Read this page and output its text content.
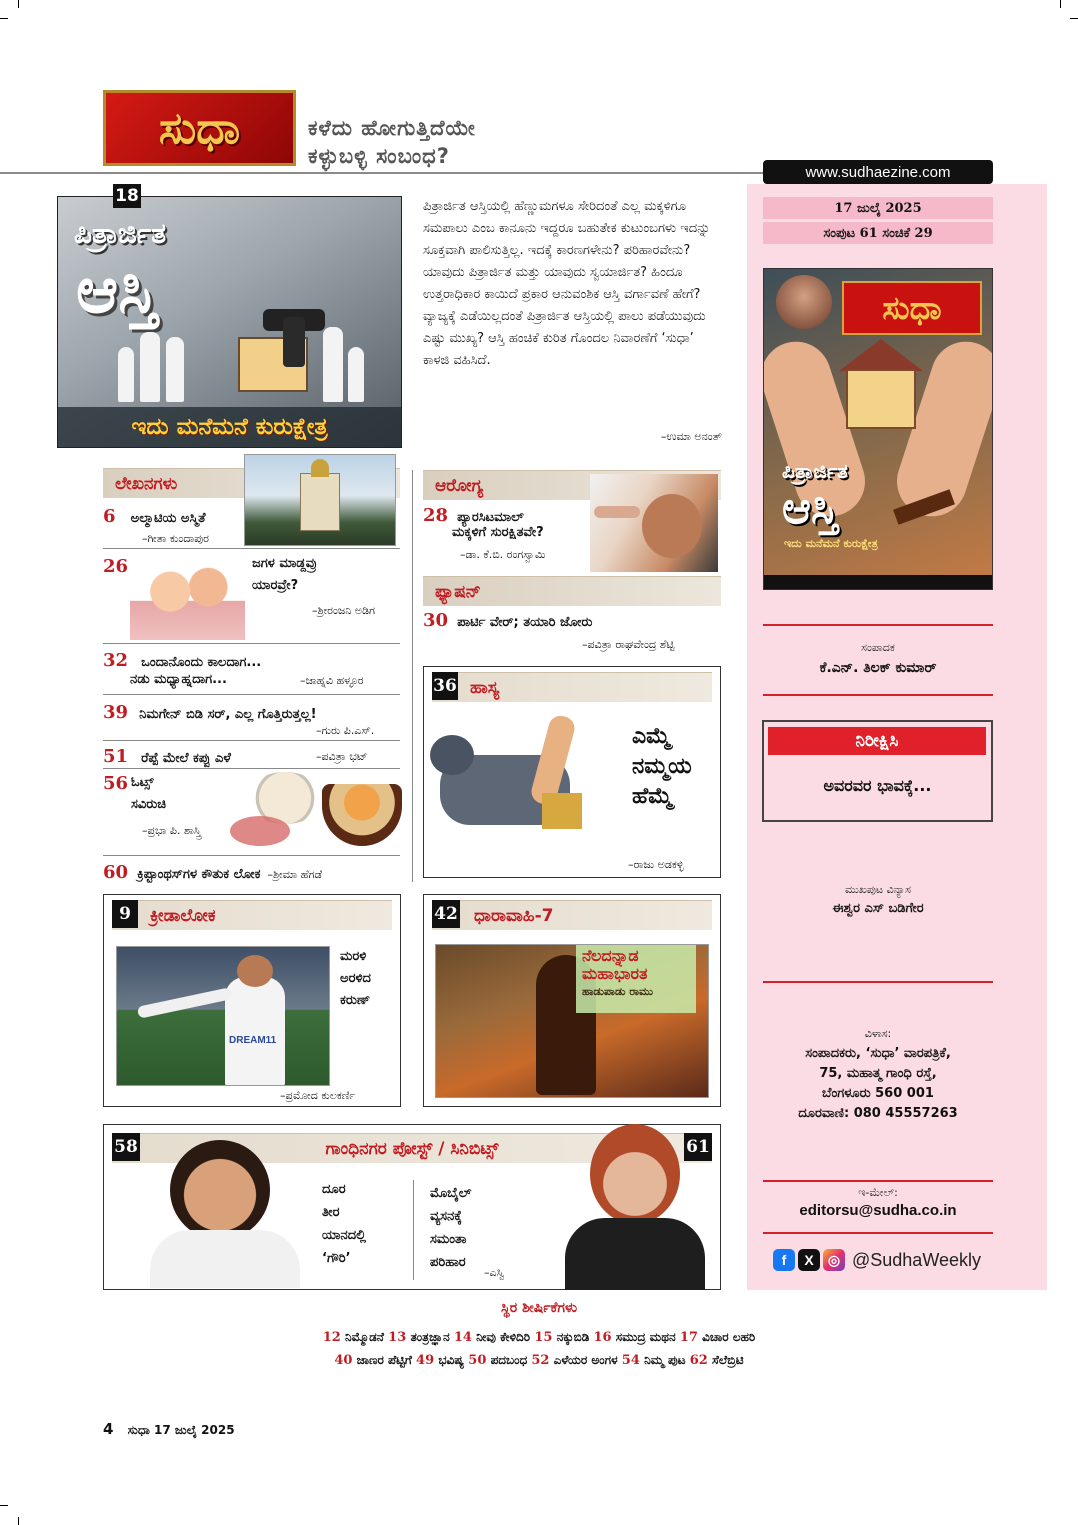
ಸುಧಾ	ಕಳೆದು ಹೋಗುತ್ತಿದೆಯೇ
ಕಳ್ಳುಬಳ್ಳಿ ಸಂಬಂಧ?
www.sudhaezine.com
17 ಜುಲೈ 2025
ಸಂಪುಟ 61 ಸಂಚಿಕೆ 29
ಸುಧಾ
ಪಿತ್ರಾರ್ಜಿತ
ಆಸ್ತಿ
ಇದು ಮನೆಮನೆ ಕುರುಕ್ಷೇತ್ರ
ಸಂಪಾದಕ
ಕೆ.ಎನ್. ತಿಲಕ್ ಕುಮಾರ್
ನಿರೀಕ್ಷಿಸಿ
ಅವರವರ ಭಾವಕ್ಕೆ...
ಮುಖಪುಟ ವಿನ್ಯಾಸ
ಈಶ್ವರ ಎಸ್ ಬಡಿಗೇರ
ವಿಳಾಸ:
ಸಂಪಾದಕರು, ‘ಸುಧಾ’ ವಾರಪತ್ರಿಕೆ,
75, ಮಹಾತ್ಮ ಗಾಂಧಿ ರಸ್ತೆ,
ಬೆಂಗಳೂರು 560 001
ದೂರವಾಣಿ: 080 45557263
ಇ-ಮೇಲ್:
editorsu@sudha.co.in
f	X	◎ @SudhaWeekly
ಪಿತ್ರಾರ್ಜಿತ
ಆಸ್ತಿ
ಇದು ಮನೆಮನೆ ಕುರುಕ್ಷೇತ್ರ
18
ಪಿತ್ರಾರ್ಜಿತ ಆಸ್ತಿಯಲ್ಲಿ ಹೆಣ್ಣುಮಗಳೂ ಸೇರಿದಂತೆ ಎಲ್ಲ ಮಕ್ಕಳಿಗೂ ಸಮಪಾಲು ಎಂಬ ಕಾನೂನು ಇದ್ದರೂ ಬಹುತೇಕ ಕುಟುಂಬಗಳು ಇದನ್ನು ಸೂಕ್ತವಾಗಿ ಪಾಲಿಸುತ್ತಿಲ್ಲ. ಇದಕ್ಕೆ ಕಾರಣಗಳೇನು? ಪರಿಹಾರವೇನು? ಯಾವುದು ಪಿತ್ರಾರ್ಜಿತ ಮತ್ತು ಯಾವುದು ಸ್ವಯಾರ್ಜಿತ? ಹಿಂದೂ ಉತ್ತರಾಧಿಕಾರ ಕಾಯಿದೆ ಪ್ರಕಾರ ಆನುವಂಶಿಕ ಆಸ್ತಿ ವರ್ಗಾವಣೆ ಹೇಗೆ? ವ್ಯಾಜ್ಯಕ್ಕೆ ಎಡೆಯಿಲ್ಲದಂತೆ ಪಿತ್ರಾರ್ಜಿತ ಆಸ್ತಿಯಲ್ಲಿ ಪಾಲು ಪಡೆಯುವುದು ಎಷ್ಟು ಮುಖ್ಯ? ಆಸ್ತಿ ಹಂಚಿಕೆ ಕುರಿತ ಗೊಂದಲ ನಿವಾರಣೆಗೆ ‘ಸುಧಾ’ ಕಾಳಜಿ ವಹಿಸಿದೆ.
–ಉಮಾ ಅನಂತ್
ಲೇಖನಗಳು
6 ಅಲ್ಮಾಟಿಯ ಅಸ್ಮಿತೆ
–ಗೀತಾ ಕುಂದಾಪುರ
26	ಜಗಳ ಮಾಡ್ದವ್ರು
ಯಾರವ್ರೇ?
–ಶ್ರೀರಂಜನಿ ಅಡಿಗ
32 ಒಂದಾನೊಂದು ಕಾಲದಾಗ...
ನಡು ಮಧ್ಯಾಹ್ನದಾಗ...	–ಜಾಹ್ನವಿ ಹಳ್ಳೂರ
39 ನಿಮಗೇನ್ ಬಿಡಿ ಸರ್, ಎಲ್ಲ ಗೊತ್ತಿರುತ್ತಲ್ಲ!
–ಗುರು ಪಿ.ಎಸ್.
51 ರೆಪ್ಪೆ ಮೇಲೆ ಕಪ್ಪು ಎಳೆ	–ಪವಿತ್ರಾ ಭಟ್
56 ಓಟ್ಸ್
ಸವಿರುಚಿ
–ಪ್ರಭಾ ಪಿ. ಶಾಸ್ತ್ರಿ
60 ಕ್ರಿಪ್ಟಾಂಥಸ್‌ಗಳ ಕೌತುಕ ಲೋಕ –ಶ್ರೀಮಾ ಹೆಗಡೆ
ಆರೋಗ್ಯ
28 ಪ್ಯಾರಸಿಟಮಾಲ್
ಮಕ್ಕಳಿಗೆ ಸುರಕ್ಷಿತವೇ?
–ಡಾ. ಕೆ.ಬಿ. ರಂಗಸ್ವಾಮಿ
ಫ್ಯಾಷನ್
30 ಪಾರ್ಟಿ ವೇರ್; ತಯಾರಿ ಜೋರು
–ಪವಿತ್ರಾ ರಾಘವೇಂದ್ರ ಶೆಟ್ಟಿ
ಹಾಸ್ಯ
36
ಎಮ್ಮೆ
ನಮ್ಮಯ
ಹೆಮ್ಮೆ
–ರಾಜು ಅಡಕಳ್ಳಿ
ಕ್ರೀಡಾಲೋಕ
9
DREAM11
ಮರಳಿ
ಅರಳಿದ
ಕರುಣ್
–ಪ್ರಮೋದ ಕುಲಕರ್ಣಿ
ಧಾರಾವಾಹಿ-7
42
ನೆಲದನ್ನಾಡ
ಮಹಾಭಾರತ
ಹಾಡುಪಾಡು ರಾಮು
ಗಾಂಧಿನಗರ ಪೋಸ್ಟ್ / ಸಿನಿಬಿಟ್ಸ್
58	61
ದೂರ
ತೀರ
ಯಾನದಲ್ಲಿ
‘ಗೌರಿ’
ಮೊಬೈಲ್
ವ್ಯಸನಕ್ಕೆ
ಸಮಂತಾ
ಪರಿಹಾರ
–ಎಸ್ವಿ
ಸ್ಥಿರ ಶೀರ್ಷಿಕೆಗಳು
12 ನಿಮ್ಮೊಡನೆ 13 ತಂತ್ರಜ್ಞಾನ 14 ನೀವು ಕೇಳಿದಿರಿ 15 ನಕ್ಕುಬಿಡಿ 16 ಸಮುದ್ರ ಮಥನ 17 ವಿಚಾರ ಲಹರಿ
40 ಜಾಣರ ಪೆಟ್ಟಿಗೆ 49 ಭವಿಷ್ಯ 50 ಪದಬಂಧ 52 ಎಳೆಯರ ಅಂಗಳ 54 ನಿಮ್ಮ ಪುಟ 62 ಸೆಲೆಬ್ರಿಟಿ
4 ಸುಧಾ 17 ಜುಲೈ 2025
